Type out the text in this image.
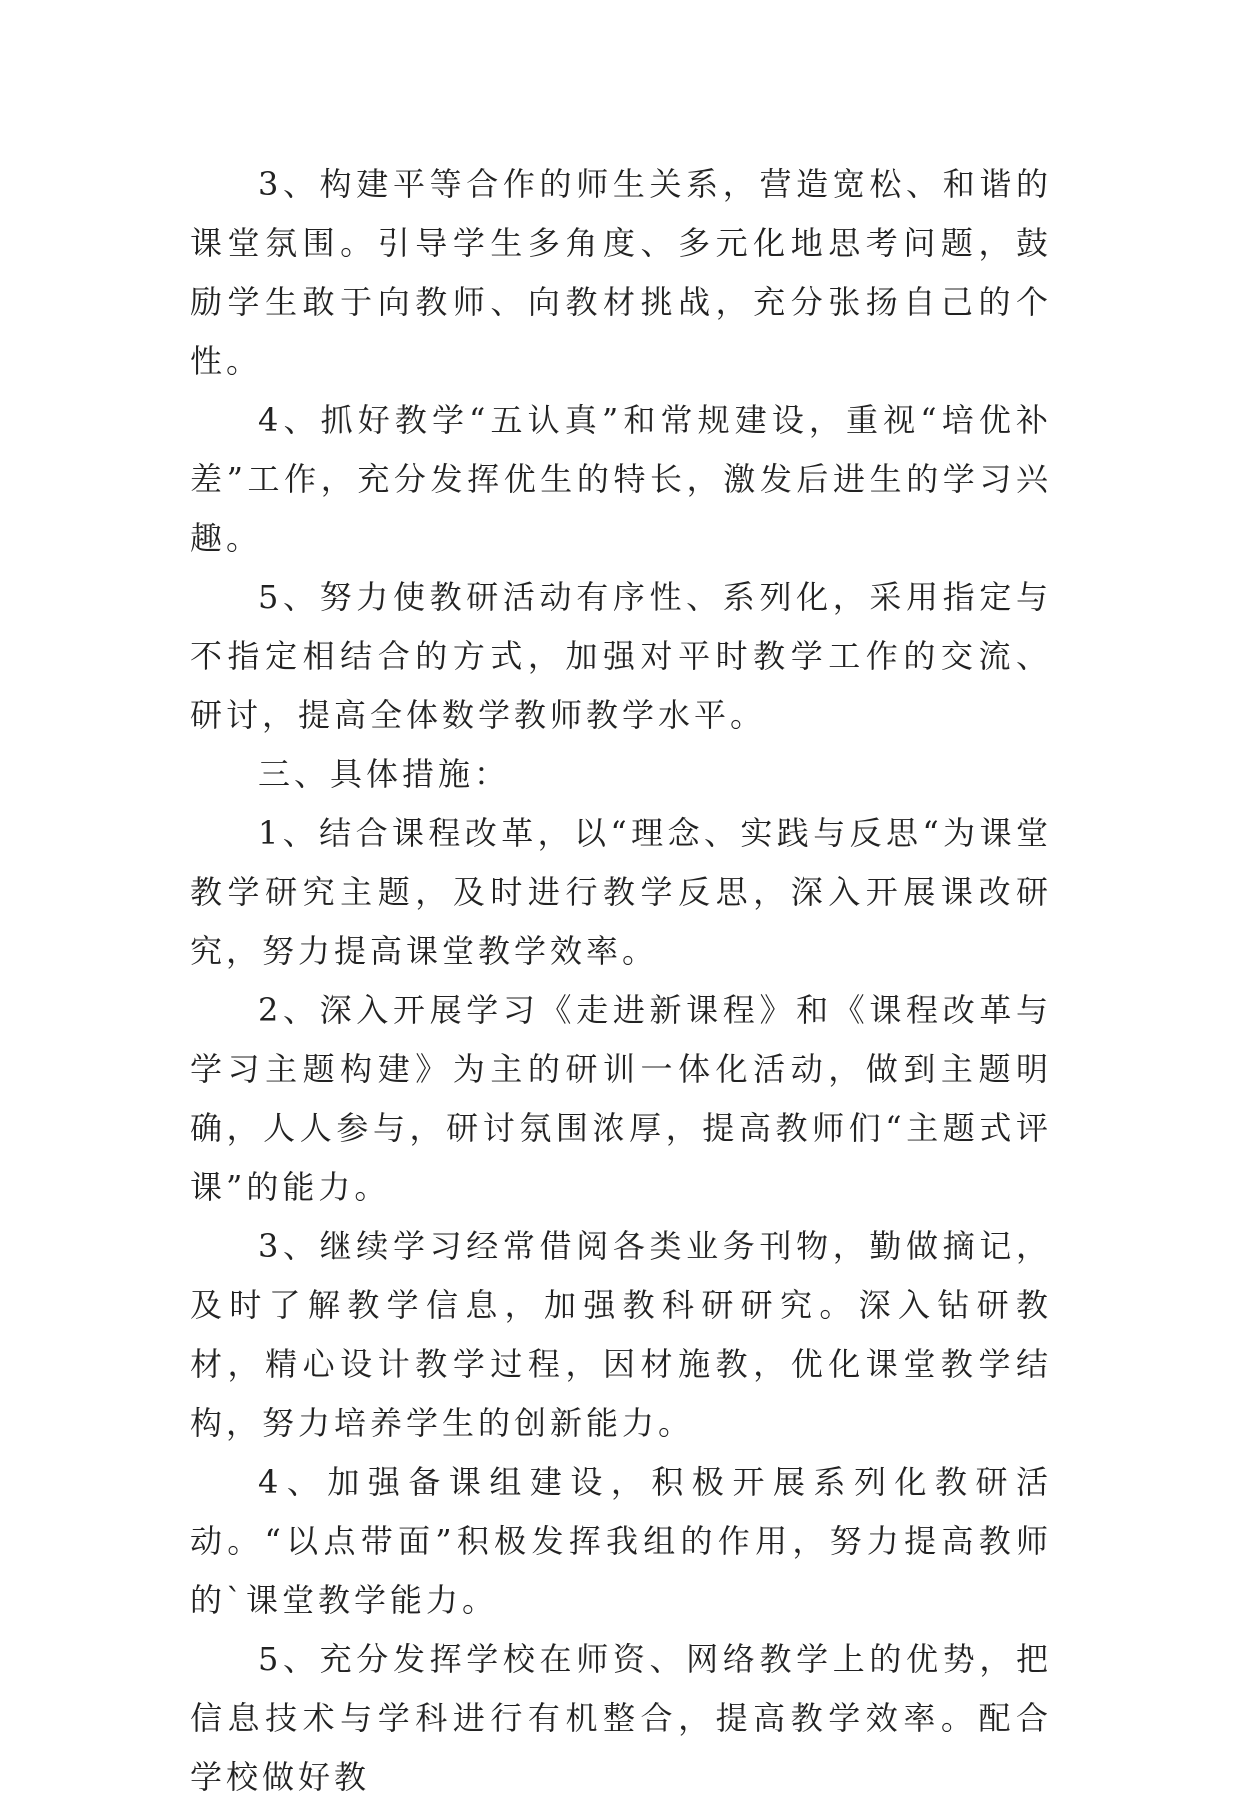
3、构建平等合作的师生关系，营造宽松、和谐的课堂氛围。引导学生多角度、多元化地思考问题，鼓励学生敢于向教师、向教材挑战，充分张扬自己的个性。

4、抓好教学“五认真”和常规建设，重视“培优补差”工作，充分发挥优生的特长，激发后进生的学习兴趣。

5、努力使教研活动有序性、系列化，采用指定与不指定相结合的方式，加强对平时教学工作的交流、研讨，提高全体数学教师教学水平。

三、具体措施：

1、结合课程改革，以“理念、实践与反思“为课堂教学研究主题，及时进行教学反思，深入开展课改研究，努力提高课堂教学效率。

2、深入开展学习《走进新课程》和《课程改革与学习主题构建》为主的研训一体化活动，做到主题明确，人人参与，研讨氛围浓厚，提高教师们“主题式评课”的能力。

3、继续学习经常借阅各类业务刊物，勤做摘记，及时了解教学信息，加强教科研研究。深入钻研教材，精心设计教学过程，因材施教，优化课堂教学结构，努力培养学生的创新能力。

4、加强备课组建设，积极开展系列化教研活动。“以点带面”积极发挥我组的作用，努力提高教师的`课堂教学能力。

5、充分发挥学校在师资、网络教学上的优势，把信息技术与学科进行有机整合，提高教学效率。配合学校做好教
